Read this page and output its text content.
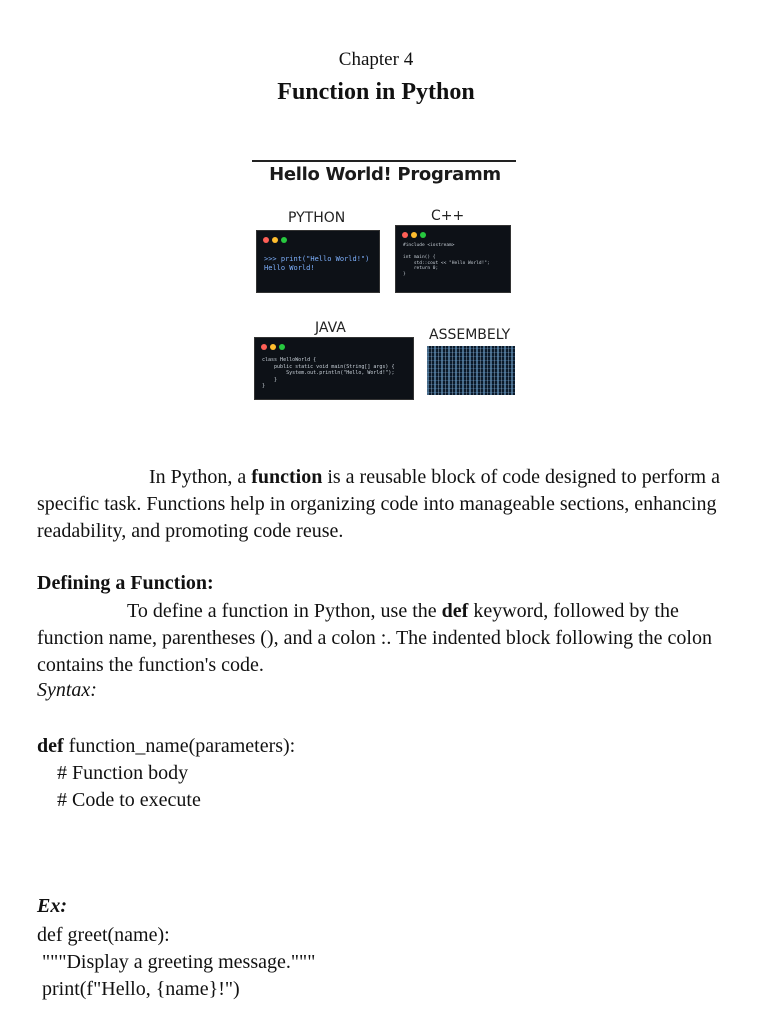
Chapter 4
Function in Python
Hello World! Programm
PYTHON
>>> print("Hello World!")
Hello World!
C++
#include <iostream>

int main() {
std::cout << "Hello World!";
return 0;
}
JAVA
class HelloWorld {
public static void main(String[] args) {
System.out.println("Hello, World!");
}
}
ASSEMBELY

In Python, a function is a reusable block of code designed to perform a specific task. Functions help in organizing code into manageable sections, enhancing readability, and promoting code reuse.

Defining a Function:

To define a function in Python, use the def keyword, followed by the function name, parentheses (), and a colon :. The indented block following the colon contains the function's code.

Syntax:
def function_name(parameters):
# Function body
# Code to execute
Ex:
def greet(name):
"""Display a greeting message."""
print(f"Hello, {name}!")
